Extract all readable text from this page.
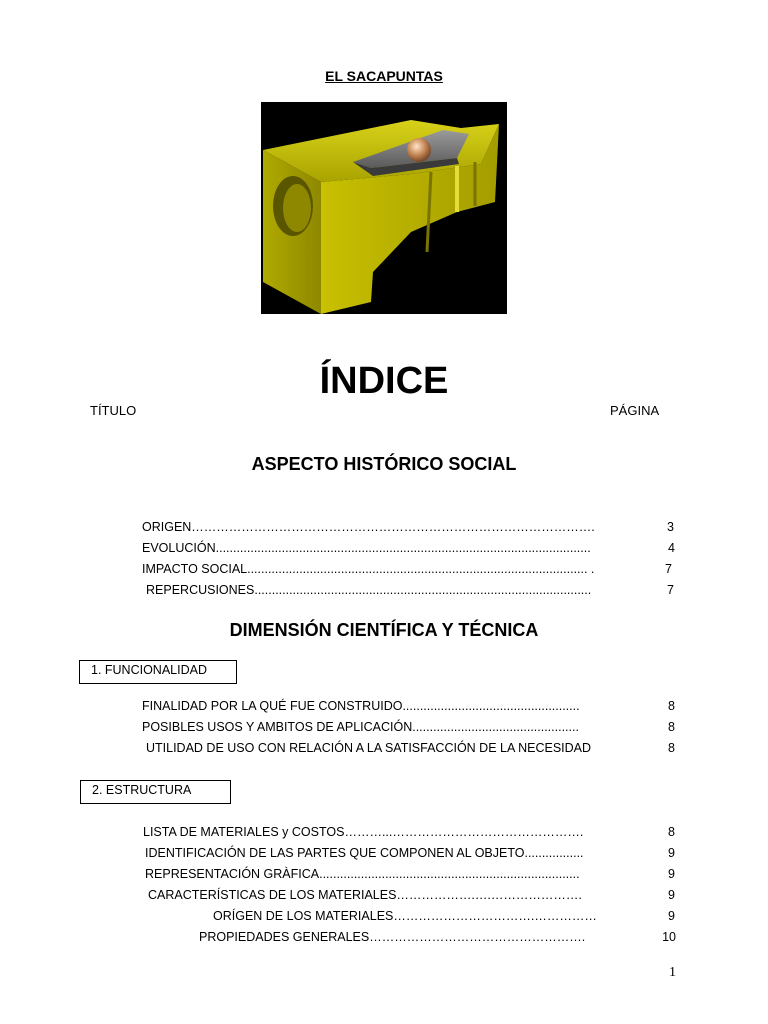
EL SACAPUNTAS
ÍNDICE
TÍTULO	PÁGINA
ASPECTO HISTÓRICO SOCIAL
ORIGEN…………………………………………………………………………………….	3
EVOLUCIÓN............................................................................................................	4
IMPACTO SOCIAL.................................................................................................. .	7
REPERCUSIONES.................................................................................................	7
DIMENSIÓN CIENTÍFICA Y TÉCNICA
1. FUNCIONALIDAD
FINALIDAD POR LA QUÉ FUE CONSTRUIDO...................................................	8
POSIBLES USOS Y AMBITOS DE APLICACIÓN................................................	8
UTILIDAD DE USO CON RELACIÓN A LA SATISFACCIÓN DE LA NECESIDAD	8
2. ESTRUCTURA
LISTA DE MATERIALES y COSTOS………...……………………………………….	8
IDENTIFICACIÓN DE LAS PARTES QUE COMPONEN AL OBJETO.................	9
REPRESENTACIÓN GRÀFICA...........................................................................	9
CARACTERÍSTICAS DE LOS MATERIALES……………….….………………….	9
ORÍGEN DE LOS MATERIALES…………………………….……………	9
PROPIEDADES GENERALES…………………………………………….	10
1
